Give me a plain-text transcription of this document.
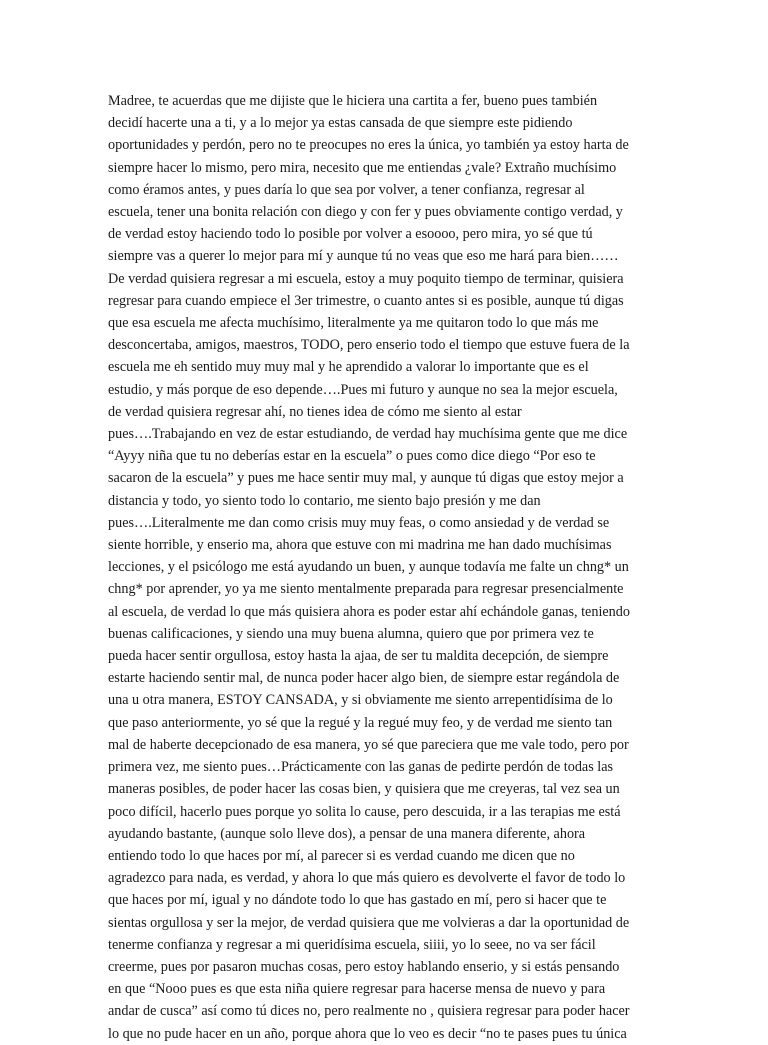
Madree, te acuerdas que me dijiste que le hiciera una cartita a fer, bueno pues también
decidí hacerte una a ti, y a lo mejor ya estas cansada de que siempre este pidiendo
oportunidades y perdón, pero no te preocupes no eres la única, yo también ya estoy harta de
siempre hacer lo mismo, pero mira, necesito que me entiendas ¿vale? Extraño muchísimo
como éramos antes, y pues daría lo que sea por volver, a tener confianza, regresar al
escuela, tener una bonita relación con diego y con fer y pues obviamente contigo verdad, y
de verdad estoy haciendo todo lo posible por volver a esoooo, pero mira, yo sé que tú
siempre vas a querer lo mejor para mí y aunque tú no veas que eso me hará para bien……
De verdad quisiera regresar a mi escuela, estoy a muy poquito tiempo de terminar, quisiera
regresar para cuando empiece el 3er trimestre, o cuanto antes si es posible, aunque tú digas
que esa escuela me afecta muchísimo, literalmente ya me quitaron todo lo que más me
desconcertaba, amigos, maestros, TODO, pero enserio todo el tiempo que estuve fuera de la
escuela me eh sentido muy muy mal y he aprendido a valorar lo importante que es el
estudio, y más porque de eso depende….Pues mi futuro y aunque no sea la mejor escuela,
de verdad quisiera regresar ahí, no tienes idea de cómo me siento al estar
pues….Trabajando en vez de estar estudiando, de verdad hay muchísima gente que me dice
“Ayyy niña que tu no deberías estar en la escuela” o pues como dice diego “Por eso te
sacaron de la escuela” y pues me hace sentir muy mal, y aunque tú digas que estoy mejor a
distancia y todo, yo siento todo lo contario, me siento bajo presión y me dan
pues….Literalmente me dan como crisis muy muy feas, o como ansiedad y de verdad se
siente horrible, y enserio ma, ahora que estuve con mi madrina me han dado muchísimas
lecciones, y el psicólogo me está ayudando un buen, y aunque todavía me falte un chng* un
chng* por aprender, yo ya me siento mentalmente preparada para regresar presencialmente
al escuela, de verdad lo que más quisiera ahora es poder estar ahí echándole ganas, teniendo
buenas calificaciones, y siendo una muy buena alumna, quiero que por primera vez te
pueda hacer sentir orgullosa, estoy hasta la ajaa, de ser tu maldita decepción, de siempre
estarte haciendo sentir mal, de nunca poder hacer algo bien, de siempre estar regándola de
una u otra manera, ESTOY CANSADA, y si obviamente me siento arrepentidísima de lo
que paso anteriormente, yo sé que la regué y la regué muy feo, y de verdad me siento tan
mal de haberte decepcionado de esa manera, yo sé que pareciera que me vale todo, pero por
primera vez, me siento pues…Prácticamente con las ganas de pedirte perdón de todas las
maneras posibles, de poder hacer las cosas bien, y quisiera que me creyeras, tal vez sea un
poco difícil, hacerlo pues porque yo solita lo cause, pero descuida, ir a las terapias me está
ayudando bastante, (aunque solo lleve dos), a pensar de una manera diferente, ahora
entiendo todo lo que haces por mí, al parecer si es verdad cuando me dicen que no
agradezco para nada, es verdad, y ahora lo que más quiero es devolverte el favor de todo lo
que haces por mí, igual y no dándote todo lo que has gastado en mí, pero si hacer que te
sientas orgullosa y ser la mejor, de verdad quisiera que me volvieras a dar la oportunidad de
tenerme confianza y regresar a mi queridísima escuela, siiii, yo lo seee, no va ser fácil
creerme, pues por pasaron muchas cosas, pero estoy hablando enserio, y si estás pensando
en que “Nooo pues es que esta niña quiere regresar para hacerse mensa de nuevo y para
andar de cusca” así como tú dices no, pero realmente no , quisiera regresar para poder hacer
lo que no pude hacer en un año, porque ahora que lo veo es decir “no te pases pues tu única
